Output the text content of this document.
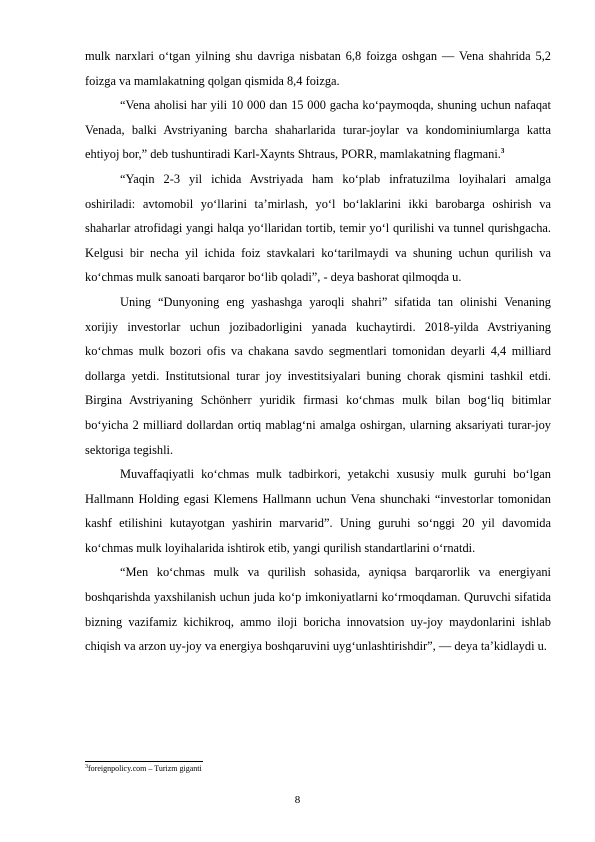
mulk narxlari o‘tgan yilning shu davriga nisbatan 6,8 foizga oshgan — Vena shahrida 5,2 foizga va mamlakatning qolgan qismida 8,4 foizga.

“Vena aholisi har yili 10 000 dan 15 000 gacha ko‘paymoqda, shuning uchun nafaqat Venada, balki Avstriyaning barcha shaharlarida turar-joylar va kondominiumlarga katta ehtiyoj bor,” deb tushuntiradi Karl-Xaynts Shtraus, PORR, mamlakatning flagmani.$^3$

“Yaqin 2-3 yil ichida Avstriyada ham ko‘plab infratuzilma loyihalari amalga oshiriladi: avtomobil yo‘llarini ta’mirlash, yo‘l bo‘laklarini ikki barobarga oshirish va shaharlar atrofidagi yangi halqa yo‘llaridan tortib, temir yo‘l qurilishi va tunnel qurishgacha. Kelgusi bir necha yil ichida foiz stavkalari ko‘tarilmaydi va shuning uchun qurilish va ko‘chmas mulk sanoati barqaror bo‘lib qoladi”, - deya bashorat qilmoqda u.

Uning “Dunyoning eng yashashga yaroqli shahri” sifatida tan olinishi Venaning xorijiy investorlar uchun jozibadorligini yanada kuchaytirdi. 2018-yilda Avstriyaning ko‘chmas mulk bozori ofis va chakana savdo segmentlari tomonidan deyarli 4,4 milliard dollarga yetdi. Institutsional turar joy investitsiyalari buning chorak qismini tashkil etdi. Birgina Avstriyaning Schönherr yuridik firmasi ko‘chmas mulk bilan bog‘liq bitimlar bo‘yicha 2 milliard dollardan ortiq mablag‘ni amalga oshirgan, ularning aksariyati turar-joy sektoriga tegishli.

Muvaffaqiyatli ko‘chmas mulk tadbirkori, yetakchi xususiy mulk guruhi bo‘lgan Hallmann Holding egasi Klemens Hallmann uchun Vena shunchaki “investorlar tomonidan kashf etilishini kutayotgan yashirin marvarid”. Uning guruhi so‘nggi 20 yil davomida ko‘chmas mulk loyihalarida ishtirok etib, yangi qurilish standartlarini o‘rnatdi.

“Men ko‘chmas mulk va qurilish sohasida, ayniqsa barqarorlik va energiyani boshqarishda yaxshilanish uchun juda ko‘p imkoniyatlarni ko‘rmoqdaman. Quruvchi sifatida bizning vazifamiz kichikroq, ammo iloji boricha innovatsion uy-joy maydonlarini ishlab chiqish va arzon uy-joy va energiya boshqaruvini uyg‘unlashtirishdir”, — deya ta’kidlaydi u.

$^3$foreignpolicy.com – Turizm giganti
8
